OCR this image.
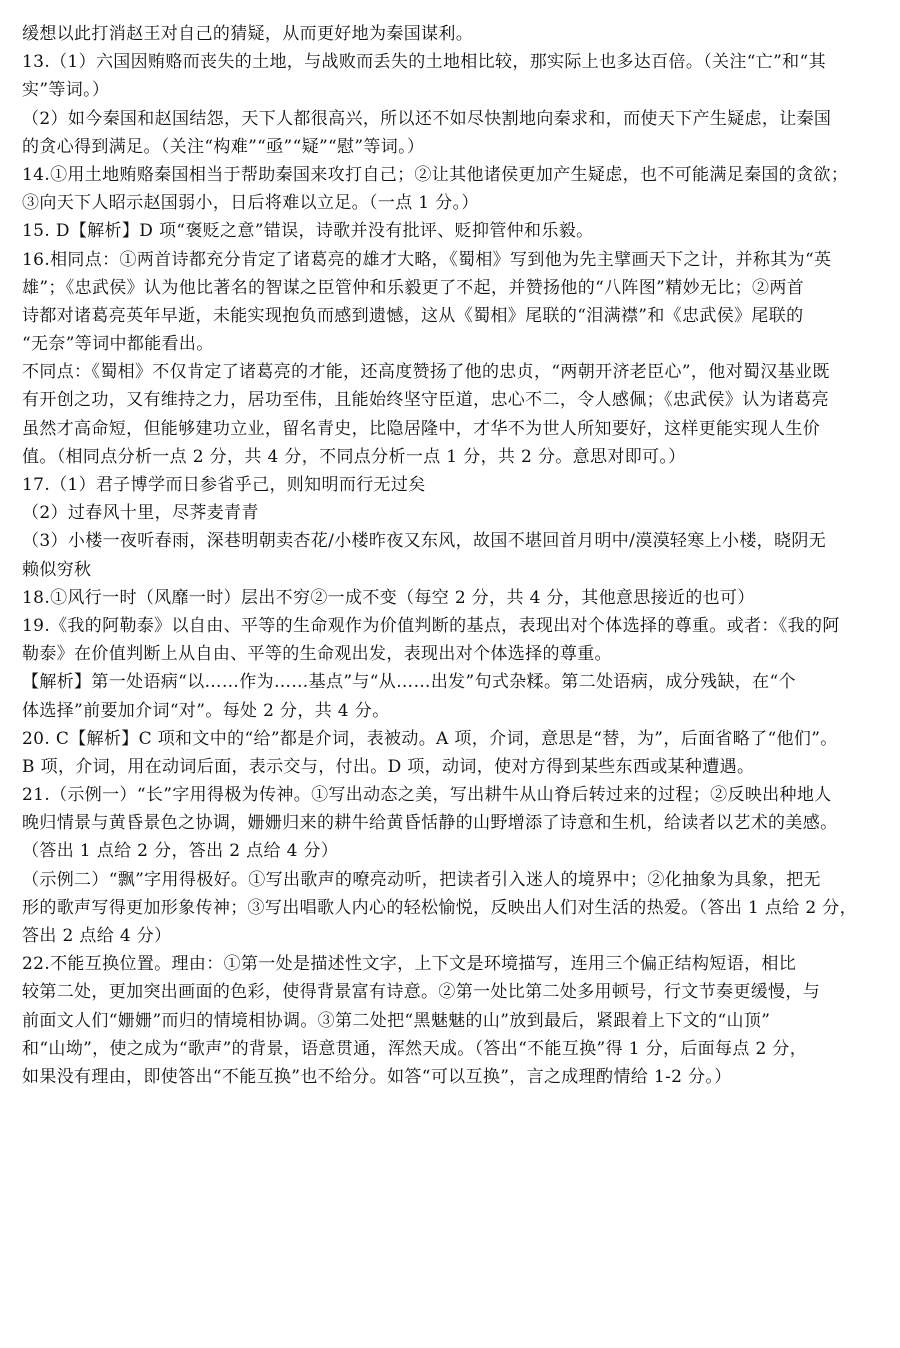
缓想以此打消赵王对自己的猜疑，从而更好地为秦国谋利。
13.（1）六国因贿赂而丧失的土地，与战败而丢失的土地相比较，那实际上也多达百倍。（关注“亡”和“其
实”等词。）
（2）如今秦国和赵国结怨，天下人都很高兴，所以还不如尽快割地向秦求和，而使天下产生疑虑，让秦国
的贪心得到满足。（关注“构难”“亟”“疑”“慰”等词。）
14.①用土地贿赂秦国相当于帮助秦国来攻打自己；②让其他诸侯更加产生疑虑，也不可能满足秦国的贪欲；
③向天下人昭示赵国弱小，日后将难以立足。（一点 1 分。）
15. D【解析】D 项“褒贬之意”错误，诗歌并没有批评、贬抑管仲和乐毅。
16.相同点：①两首诗都充分肯定了诸葛亮的雄才大略，《蜀相》写到他为先主擘画天下之计，并称其为“英
雄”；《忠武侯》认为他比著名的智谋之臣管仲和乐毅更了不起，并赞扬他的“八阵图”精妙无比；②两首
诗都对诸葛亮英年早逝，未能实现抱负而感到遗憾，这从《蜀相》尾联的“泪满襟”和《忠武侯》尾联的
“无奈”等词中都能看出。
不同点：《蜀相》不仅肯定了诸葛亮的才能，还高度赞扬了他的忠贞，“两朝开济老臣心”，他对蜀汉基业既
有开创之功，又有维持之力，居功至伟，且能始终坚守臣道，忠心不二，令人感佩；《忠武侯》认为诸葛亮
虽然才高命短，但能够建功立业，留名青史，比隐居隆中，才华不为世人所知要好，这样更能实现人生价
值。（相同点分析一点 2 分，共 4 分，不同点分析一点 1 分，共 2 分。意思对即可。）
17.（1）君子博学而日参省乎己，则知明而行无过矣
（2）过春风十里，尽荠麦青青
（3）小楼一夜听春雨，深巷明朝卖杏花/小楼昨夜又东风，故国不堪回首月明中/漠漠轻寒上小楼，晓阴无
赖似穷秋
18.①风行一时（风靡一时）层出不穷②一成不变（每空 2 分，共 4 分，其他意思接近的也可）
19.《我的阿勒泰》以自由、平等的生命观作为价值判断的基点，表现出对个体选择的尊重。或者：《我的阿
勒泰》在价值判断上从自由、平等的生命观出发，表现出对个体选择的尊重。
【解析】第一处语病“以……作为……基点”与“从……出发”句式杂糅。第二处语病，成分残缺，在“个
体选择”前要加介词“对”。每处 2 分，共 4 分。
20. C【解析】C 项和文中的“给”都是介词，表被动。A 项，介词，意思是“替，为”，后面省略了“他们”。
B 项，介词，用在动词后面，表示交与，付出。D 项，动词，使对方得到某些东西或某种遭遇。
21.（示例一）“长”字用得极为传神。①写出动态之美，写出耕牛从山脊后转过来的过程；②反映出种地人
晚归情景与黄昏景色之协调，姗姗归来的耕牛给黄昏恬静的山野增添了诗意和生机，给读者以艺术的美感。
（答出 1 点给 2 分，答出 2 点给 4 分）
（示例二）“飘”字用得极好。①写出歌声的嘹亮动听，把读者引入迷人的境界中；②化抽象为具象，把无
形的歌声写得更加形象传神；③写出唱歌人内心的轻松愉悦，反映出人们对生活的热爱。（答出 1 点给 2 分，
答出 2 点给 4 分）
22.不能互换位置。理由：①第一处是描述性文字，上下文是环境描写，连用三个偏正结构短语，相比
较第二处，更加突出画面的色彩，使得背景富有诗意。②第一处比第二处多用顿号，行文节奏更缓慢，与
前面文人们“姗姗”而归的情境相协调。③第二处把“黑魅魅的山”放到最后，紧跟着上下文的“山顶”
和“山坳”，使之成为“歌声”的背景，语意贯通，浑然天成。（答出“不能互换”得 1 分，后面每点 2 分，
如果没有理由，即使答出“不能互换”也不给分。如答“可以互换”，言之成理酌情给 1-2 分。）
